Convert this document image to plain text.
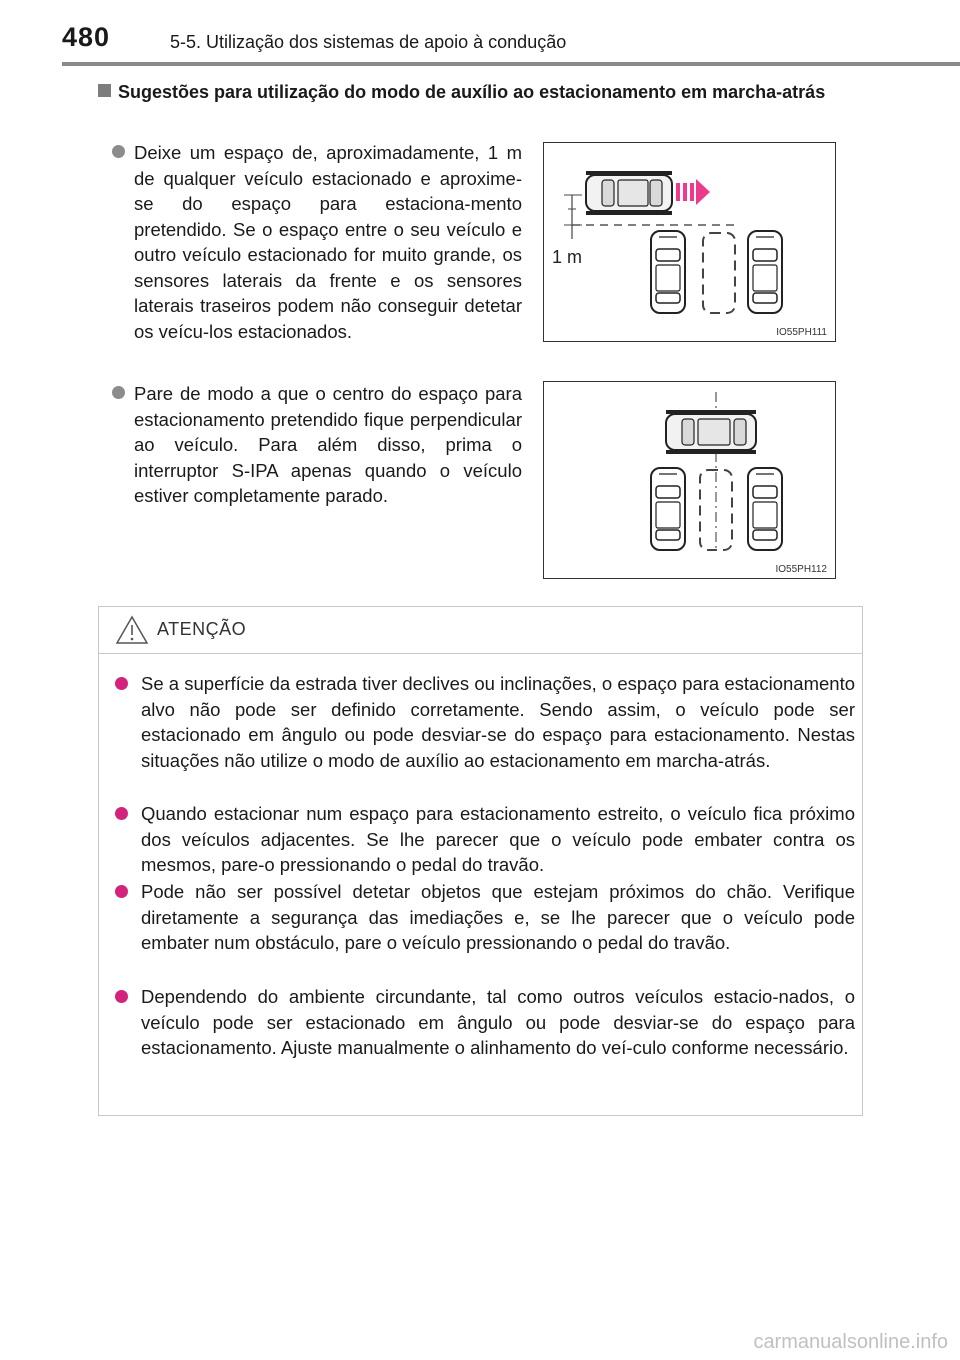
480	5-5. Utilização dos sistemas de apoio à condução
Sugestões para utilização do modo de auxílio ao estacionamento em marcha-atrás
Deixe um espaço de, aproximadamente, 1 m de qualquer veículo estacionado e aproxime-se do espaço para estaciona-mento pretendido. Se o espaço entre o seu veículo e outro veículo estacionado for muito grande, os sensores laterais da frente e os sensores laterais traseiros podem não conseguir detetar os veícu-los estacionados.
1 m
IO55PH111
Pare de modo a que o centro do espaço para estacionamento pretendido fique perpendicular ao veículo. Para além disso, prima o interruptor S-IPA apenas quando o veículo estiver completamente parado.
IO55PH112
ATENÇÃO
Se a superfície da estrada tiver declives ou inclinações, o espaço para estacionamento alvo não pode ser definido corretamente. Sendo assim, o veículo pode ser estacionado em ângulo ou pode desviar-se do espaço para estacionamento. Nestas situações não utilize o modo de auxílio ao estacionamento em marcha-atrás.
Quando estacionar num espaço para estacionamento estreito, o veículo fica próximo dos veículos adjacentes. Se lhe parecer que o veículo pode embater contra os mesmos, pare-o pressionando o pedal do travão.
Pode não ser possível detetar objetos que estejam próximos do chão. Verifique diretamente a segurança das imediações e, se lhe parecer que o veículo pode embater num obstáculo, pare o veículo pressionando o pedal do travão.
Dependendo do ambiente circundante, tal como outros veículos estacio-nados, o veículo pode ser estacionado em ângulo ou pode desviar-se do espaço para estacionamento. Ajuste manualmente o alinhamento do veí-culo conforme necessário.
carmanualsonline.info
